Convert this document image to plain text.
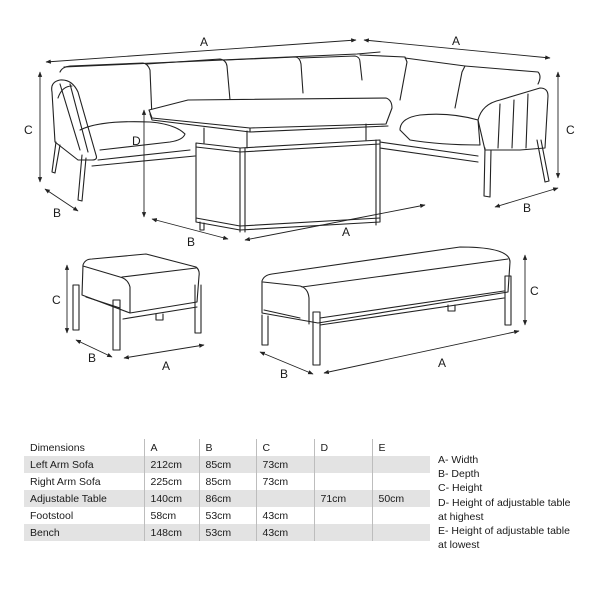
A	A
C	C
B	B
D
B
A
C
B
A
C
B
A
Dimensions	A	B	C	D	E
Left Arm Sofa	212cm	85cm	73cm		
Right Arm Sofa	225cm	85cm	73cm		
Adjustable Table	140cm	86cm		71cm	50cm
Footstool	58cm	53cm	43cm		
Bench	148cm	53cm	43cm		
A- Width
B- Depth
C- Height
D- Height of adjustable table
at highest
E- Height of adjustable table
at lowest
